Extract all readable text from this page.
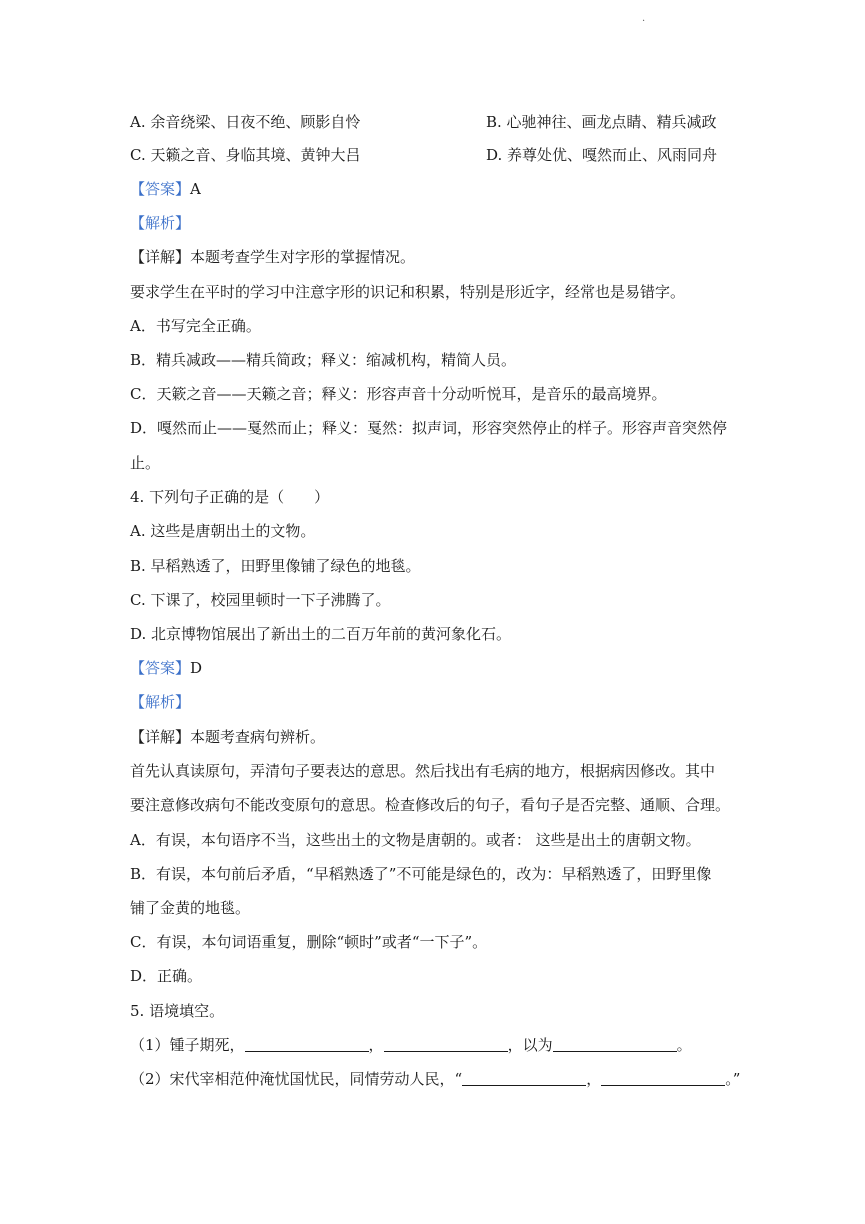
·
A. 余音绕梁、日夜不绝、顾影自怜	B. 心驰神往、画龙点睛、精兵减政
C. 天籁之音、身临其境、黄钟大吕	D. 养尊处优、嘎然而止、风雨同舟
【答案】A
【解析】
【详解】本题考查学生对字形的掌握情况。
要求学生在平时的学习中注意字形的识记和积累，特别是形近字，经常也是易错字。
A．书写完全正确。
B．精兵减政——精兵简政；释义：缩减机构，精简人员。
C．天簌之音——天籁之音；释义：形容声音十分动听悦耳，是音乐的最高境界。
D．嘎然而止——戛然而止；释义：戛然：拟声词，形容突然停止的样子。形容声音突然停
止。
4. 下列句子正确的是（　　）
A. 这些是唐朝出土的文物。
B. 早稻熟透了，田野里像铺了绿色的地毯。
C. 下课了，校园里顿时一下子沸腾了。
D. 北京博物馆展出了新出土的二百万年前的黄河象化石。
【答案】D
【解析】
【详解】本题考查病句辨析。
首先认真读原句，弄清句子要表达的意思。然后找出有毛病的地方，根据病因修改。其中
要注意修改病句不能改变原句的意思。检查修改后的句子，看句子是否完整、通顺、合理。
A．有误，本句语序不当，这些出土的文物是唐朝的。或者： 这些是出土的唐朝文物。
B．有误，本句前后矛盾，“早稻熟透了”不可能是绿色的，改为：早稻熟透了，田野里像
铺了金黄的地毯。
C．有误，本句词语重复，删除“顿时”或者“一下子”。
D．正确。
5. 语境填空。
（1）锺子期死，	，	，以为	。
（2）宋代宰相范仲淹忧国忧民，同情劳动人民，“	，	。”
